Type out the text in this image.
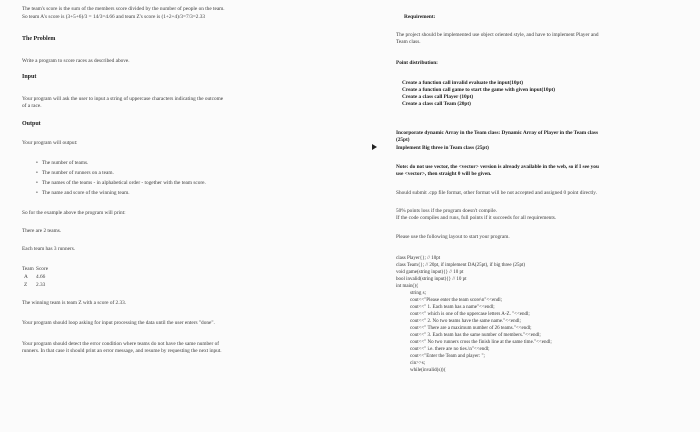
The team's score is the sum of the members score divided by the number of people on the team.
So team A's score is (3+5+6)/3 = 14/3=4.66 and team Z's score is (1+2+4)/3=7/3=2.33
The Problem
Write a program to score races as described above.
Input
Your program will ask the user to input a string of uppercase characters indicating the outcome
of a race.
Output
Your program will output:
• The number of teams.
• The number of runners on a team.
• The names of the teams - in alphabetical order - together with the team score.
• The name and score of the winning team.
So for the example above the program will print:
There are 2 teams.
Each team has 3 runners.
Team Score
A 4.66
Z 2.33
The winning team is team Z with a score of 2.33.
Your program should loop asking for input processing the data until the user enters "done".
Your program should detect the error condition where teams do not have the same number of
runners. In that case it should print an error message, and resume by requesting the next input.
Requirement:
The project should be implemented use object oriented style, and have to implement Player and
Team class.
Point distribution:
Create a function call invalid evaluate the input(10pt)
Create a function call game to start the game with given input(10pt)
Create a class call Player (10pt)
Create a class call Team (20pt)
Incorporate dynamic Array in the Team class: Dynamic Array of Player in the Team class
(25pt)
Implement Big three in Team class (25pt)
Note: do not use vector, the <vector> version is already available in the web, so if I see you
use <vector>, then straight 0 will be given.
Should submit .cpp file format, other format will be not accepted and assigned 0 point directly.
50% points loss if the program doesn't compile.
If the code compiles and runs, full points if it succeeds for all requirements.
Please use the following layout to start your program.
class Player{}; // 10pt
class Team{}; // 20pt, if implement DA(25pt), if big three (25pt)
void game(string input){} // 10 pt
bool invalid(string input){} // 10 pt
int main(){
string s;
cout<<"Please enter the team score\n"<<endl;
cout<<" 1. Each team has a name"<<endl;
cout<<" which is one of the uppercase letters A-Z. "<<endl;
cout<<" 2. No two teams have the same name."<<endl;
cout<<" There are a maximum number of 26 teams."<<endl;
cout<<" 3. Each team has the same number of members."<<endl;
cout<<" No two runners cross the finish line at the same time."<<endl;
cout<<" i.e. there are no ties.\n"<<endl;
cout<<"Enter the Team and player: ";
cin>>s;
while(invalid(s)){
